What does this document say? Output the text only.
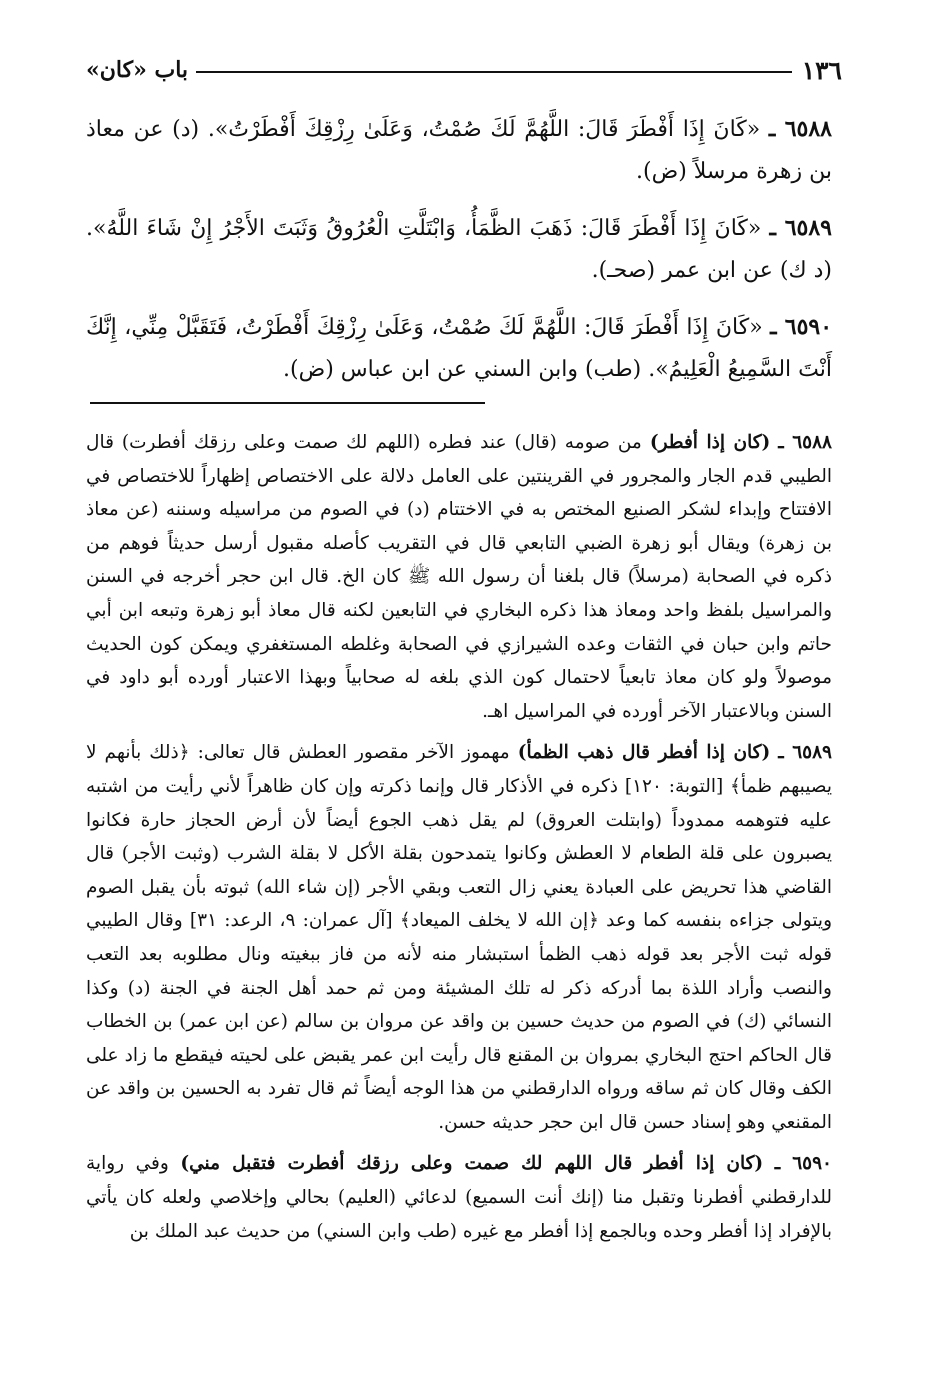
١٣٦
باب «كان»

٦٥٨٨ ـ «كَانَ إِذَا أَفْطَرَ قَالَ: اللَّهُمَّ لَكَ صُمْتُ، وَعَلَىٰ رِزْقِكَ أَفْطَرْتُ». (د) عن معاذ بن زهرة مرسلاً (ض).

٦٥٨٩ ـ «كَانَ إِذَا أَفْطَرَ قَالَ: ذَهَبَ الظَّمَأُ، وَابْتَلَّتِ الْعُرُوقُ وَثَبَتَ الأَجْرُ إِنْ شَاءَ اللَّهُ». (د ك) عن ابن عمر (صحـ).

٦٥٩٠ ـ «كَانَ إِذَا أَفْطَرَ قَالَ: اللَّهُمَّ لَكَ صُمْتُ، وَعَلَىٰ رِزْقِكَ أَفْطَرْتُ، فَتَقَبَّلْ مِنِّي، إِنَّكَ أَنْتَ السَّمِيعُ الْعَلِيمُ». (طب) وابن السني عن ابن عباس (ض).

٦٥٨٨ ـ (كان إذا أفطر) من صومه (قال) عند فطره (اللهم لك صمت وعلى رزقك أفطرت) قال الطيبي قدم الجار والمجرور في القرينتين على العامل دلالة على الاختصاص إظهاراً للاختصاص في الافتتاح وإبداء لشكر الصنيع المختص به في الاختتام (د) في الصوم من مراسيله وسننه (عن معاذ بن زهرة) ويقال أبو زهرة الضبي التابعي قال في التقريب كأصله مقبول أرسل حديثاً فوهم من ذكره في الصحابة (مرسلاً) قال بلغنا أن رسول الله ﷺ كان الخ. قال ابن حجر أخرجه في السنن والمراسيل بلفظ واحد ومعاذ هذا ذكره البخاري في التابعين لكنه قال معاذ أبو زهرة وتبعه ابن أبي حاتم وابن حبان في الثقات وعده الشيرازي في الصحابة وغلطه المستغفري ويمكن كون الحديث موصولاً ولو كان معاذ تابعياً لاحتمال كون الذي بلغه له صحابياً وبهذا الاعتبار أورده أبو داود في السنن وبالاعتبار الآخر أورده في المراسيل اهـ.

٦٥٨٩ ـ (كان إذا أفطر قال ذهب الظمأ) مهموز الآخر مقصور العطش قال تعالى: ﴿ذلك بأنهم لا يصيبهم ظمأ﴾ [التوبة: ١٢٠] ذكره في الأذكار قال وإنما ذكرته وإن كان ظاهراً لأني رأيت من اشتبه عليه فتوهمه ممدوداً (وابتلت العروق) لم يقل ذهب الجوع أيضاً لأن أرض الحجاز حارة فكانوا يصبرون على قلة الطعام لا العطش وكانوا يتمدحون بقلة الأكل لا بقلة الشرب (وثبت الأجر) قال القاضي هذا تحريض على العبادة يعني زال التعب وبقي الأجر (إن شاء الله) ثبوته بأن يقبل الصوم ويتولى جزاءه بنفسه كما وعد ﴿إن الله لا يخلف الميعاد﴾ [آل عمران: ٩، الرعد: ٣١] وقال الطيبي قوله ثبت الأجر بعد قوله ذهب الظمأ استبشار منه لأنه من فاز ببغيته ونال مطلوبه بعد التعب والنصب وأراد اللذة بما أدركه ذكر له تلك المشيئة ومن ثم حمد أهل الجنة في الجنة (د) وكذا النسائي (ك) في الصوم من حديث حسين بن واقد عن مروان بن سالم (عن ابن عمر) بن الخطاب قال الحاكم احتج البخاري بمروان بن المقنع قال رأيت ابن عمر يقبض على لحيته فيقطع ما زاد على الكف وقال كان ثم ساقه ورواه الدارقطني من هذا الوجه أيضاً ثم قال تفرد به الحسين بن واقد عن المقنعي وهو إسناد حسن قال ابن حجر حديثه حسن.

٦٥٩٠ ـ (كان إذا أفطر قال اللهم لك صمت وعلى رزقك أفطرت فتقبل مني) وفي رواية للدارقطني أفطرنا وتقبل منا (إنك أنت السميع) لدعائي (العليم) بحالي وإخلاصي ولعله كان يأتي بالإفراد إذا أفطر وحده وبالجمع إذا أفطر مع غيره (طب وابن السني) من حديث عبد الملك بن
